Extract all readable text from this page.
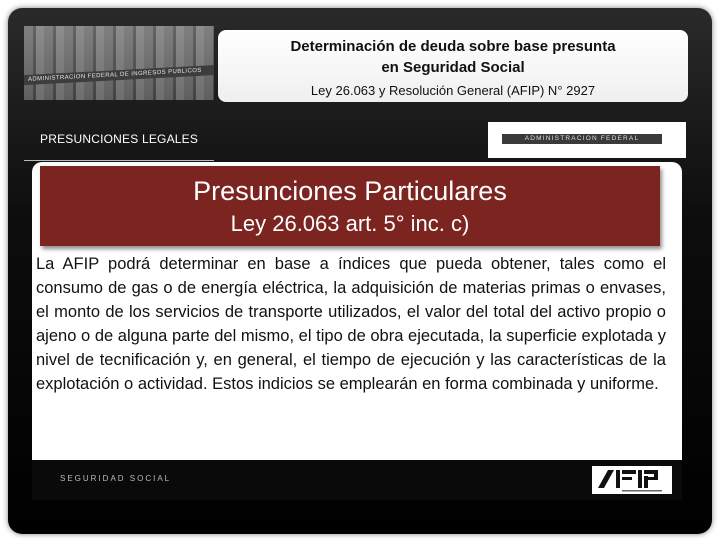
ADMINISTRACION FEDERAL DE INGRESOS PUBLICOS
Determinación de deuda sobre base presunta en Seguridad Social
Ley 26.063 y Resolución General (AFIP) N° 2927
PRESUNCIONES LEGALES	ADMINISTRACION FEDERAL
Presunciones Particulares
Ley 26.063 art. 5° inc. c)
La AFIP podrá determinar en base a índices que pueda obtener, tales como el consumo de gas o de energía eléctrica, la adquisición de materias primas o envases, el monto de los servicios de transporte utilizados, el valor del total del activo propio o ajeno o de alguna parte del mismo, el tipo de obra ejecutada, la superficie explotada y nivel de tecnificación y, en general, el tiempo de ejecución y las características de la explotación o actividad. Estos indicios se emplearán en forma combinada y uniforme.
SEGURIDAD SOCIAL
